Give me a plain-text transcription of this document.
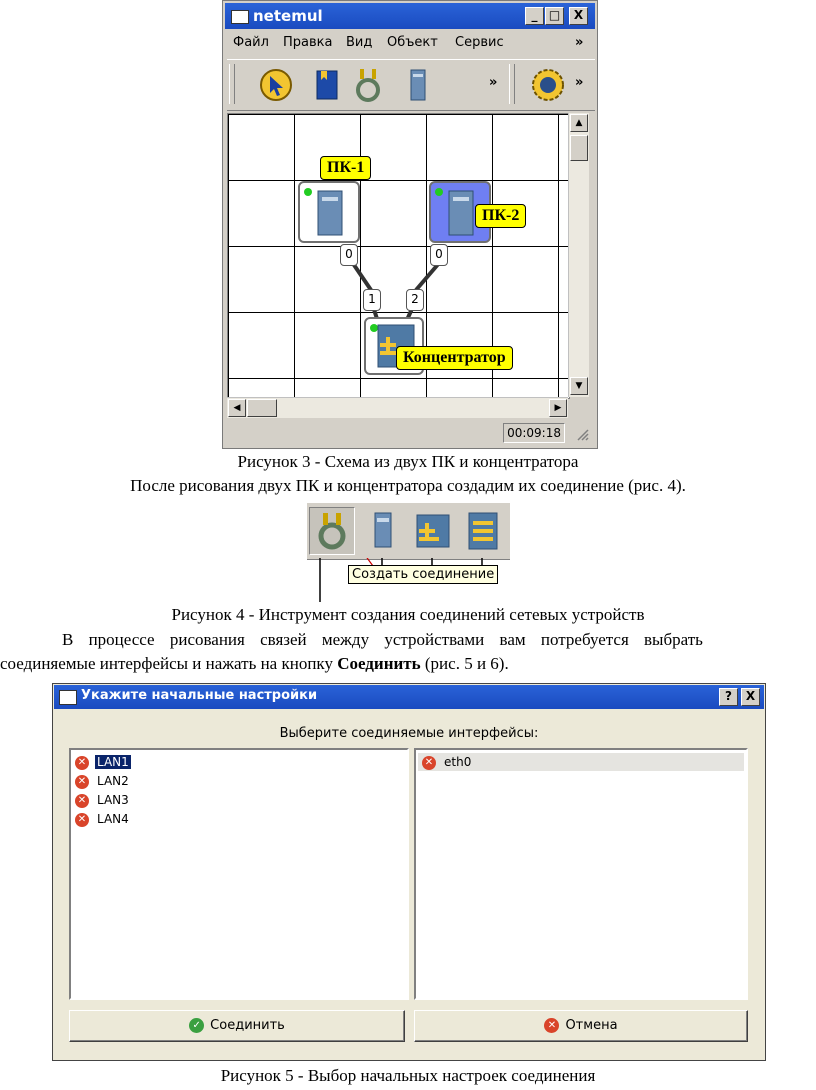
netemul	_ □	X
Файл Правка Вид Объект Сервис	»
»	»
ПК-1
ПК-2
0	0
1	2
Концентратор
▲
▼
◀	▶
00:09:18
Рисунок 3 - Схема из двух ПК и концентратора
После рисования двух ПК и концентратора создадим их соединение (рис. 4).
Создать соединение
Рисунок 4 - Инструмент создания соединений сетевых устройств
В процессе рисования связей между устройствами вам потребуется выбрать
соединяемые интерфейсы и нажать на кнопку Соединить (рис. 5 и 6).
Укажите начальные настройки	?	X
Выберите соединяемые интерфейсы:
✕ LAN1
✕ LAN2
✕ LAN3
✕ LAN4
✕ eth0
✓ Соединить	✕ Отмена
Рисунок 5 - Выбор начальных настроек соединения
